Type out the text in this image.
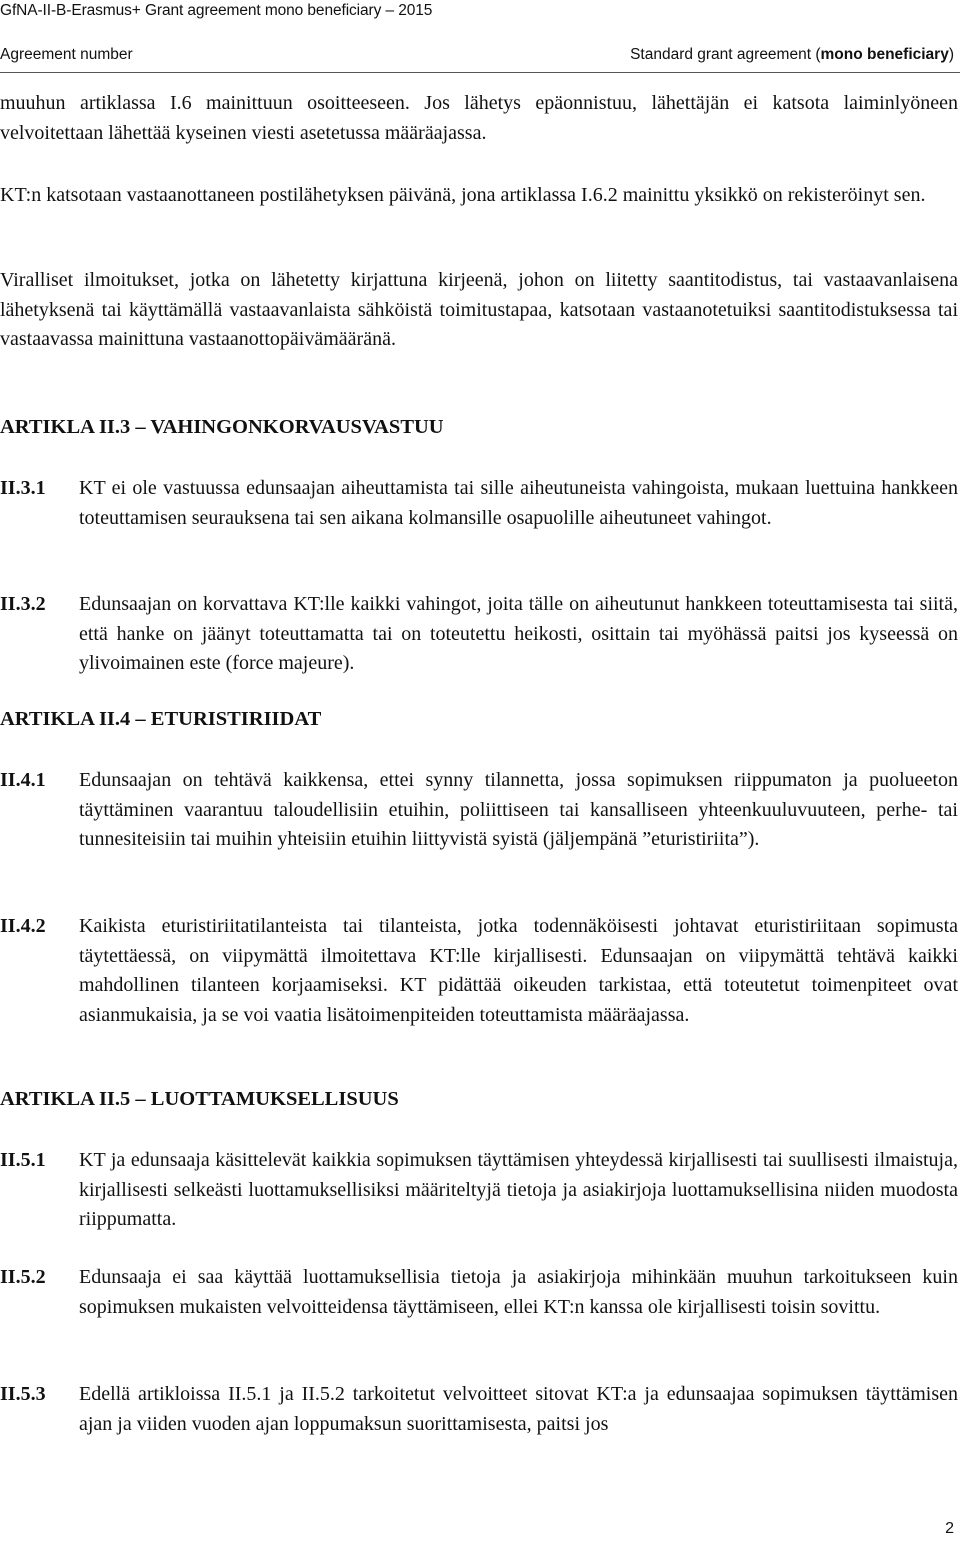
GfNA-II-B-Erasmus+ Grant agreement mono beneficiary – 2015
Agreement number	Standard grant agreement (mono beneficiary)
muuhun artiklassa I.6 mainittuun osoitteeseen. Jos lähetys epäonnistuu, lähettäjän ei katsota laiminlyöneen velvoitettaan lähettää kyseinen viesti asetetussa määräajassa.
KT:n katsotaan vastaanottaneen postilähetyksen päivänä, jona artiklassa I.6.2 mainittu yksikkö on rekisteröinyt sen.
Viralliset ilmoitukset, jotka on lähetetty kirjattuna kirjeenä, johon on liitetty saantitodistus, tai vastaavanlaisena lähetyksenä tai käyttämällä vastaavanlaista sähköistä toimitustapaa, katsotaan vastaanotetuiksi saantitodistuksessa tai vastaavassa mainittuna vastaanottopäivämääränä.
ARTIKLA II.3 – VAHINGONKORVAUSVASTUU
II.3.1 KT ei ole vastuussa edunsaajan aiheuttamista tai sille aiheutuneista vahingoista, mukaan luettuina hankkeen toteuttamisen seurauksena tai sen aikana kolmansille osapuolille aiheutuneet vahingot.
II.3.2 Edunsaajan on korvattava KT:lle kaikki vahingot, joita tälle on aiheutunut hankkeen toteuttamisesta tai siitä, että hanke on jäänyt toteuttamatta tai on toteutettu heikosti, osittain tai myöhässä paitsi jos kyseessä on ylivoimainen este (force majeure).
ARTIKLA II.4 – ETURISTIRIIDAT
II.4.1 Edunsaajan on tehtävä kaikkensa, ettei synny tilannetta, jossa sopimuksen riippumaton ja puolueeton täyttäminen vaarantuu taloudellisiin etuihin, poliittiseen tai kansalliseen yhteenkuuluvuuteen, perhe- tai tunnesiteisiin tai muihin yhteisiin etuihin liittyvistä syistä (jäljempänä ”eturistiriita”).
II.4.2 Kaikista eturistiriitatilanteista tai tilanteista, jotka todennäköisesti johtavat eturistiriitaan sopimusta täytettäessä, on viipymättä ilmoitettava KT:lle kirjallisesti. Edunsaajan on viipymättä tehtävä kaikki mahdollinen tilanteen korjaamiseksi. KT pidättää oikeuden tarkistaa, että toteutetut toimenpiteet ovat asianmukaisia, ja se voi vaatia lisätoimenpiteiden toteuttamista määräajassa.
ARTIKLA II.5 – LUOTTAMUKSELLISUUS
II.5.1 KT ja edunsaaja käsittelevät kaikkia sopimuksen täyttämisen yhteydessä kirjallisesti tai suullisesti ilmaistuja, kirjallisesti selkeästi luottamuksellisiksi määriteltyjä tietoja ja asiakirjoja luottamuksellisina niiden muodosta riippumatta.
II.5.2 Edunsaaja ei saa käyttää luottamuksellisia tietoja ja asiakirjoja mihinkään muuhun tarkoitukseen kuin sopimuksen mukaisten velvoitteidensa täyttämiseen, ellei KT:n kanssa ole kirjallisesti toisin sovittu.
II.5.3 Edellä artikloissa II.5.1 ja II.5.2 tarkoitetut velvoitteet sitovat KT:a ja edunsaajaa sopimuksen täyttämisen ajan ja viiden vuoden ajan loppumaksun suorittamisesta, paitsi jos
2
